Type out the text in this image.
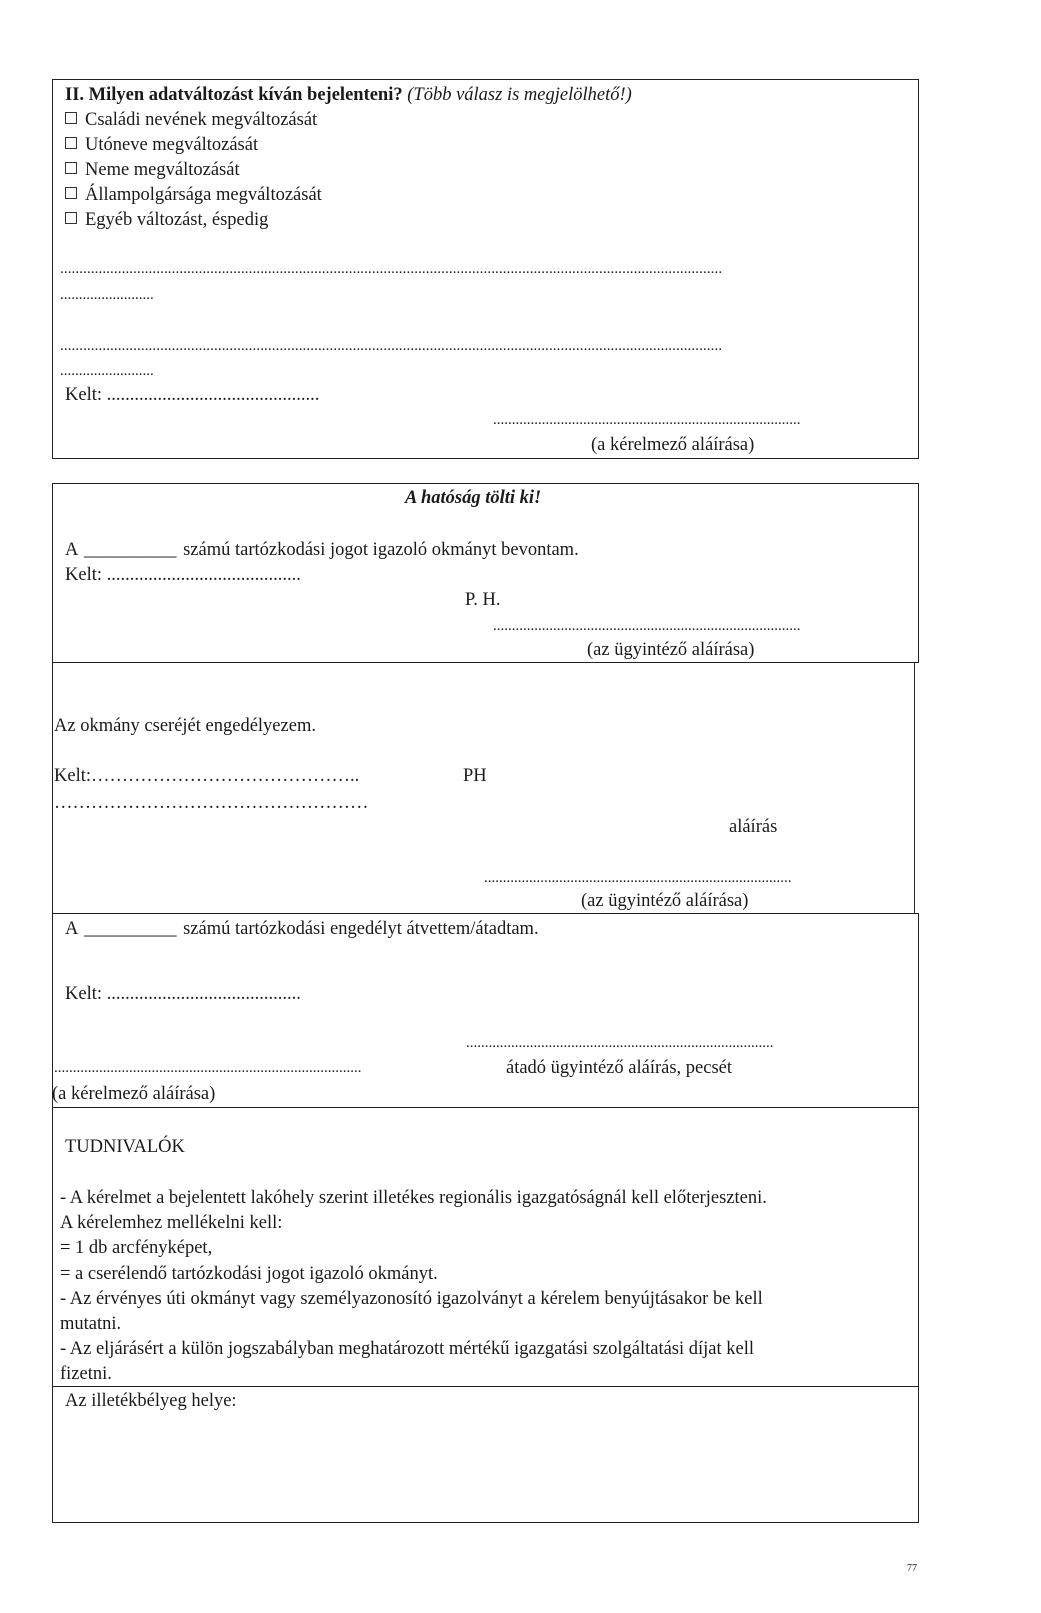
II. Milyen adatváltozást kíván bejelenteni? (Több válasz is megjelölhető!)
Családi nevének megváltozását
Utóneve megváltozását
Neme megváltozását
Állampolgársága megváltozását
Egyéb változást, éspedig
............................................................................................................................................................................
.........................
............................................................................................................................................................................
.........................
Kelt: ..............................................
..................................................................................
(a kérelmező aláírása)
A hatóság tölti ki!
A __________ számú tartózkodási jogot igazoló okmányt bevontam.
Kelt: ..........................................
P. H.
..................................................................................
(az ügyintéző aláírása)
Az okmány cseréjét engedélyezem.
Kelt:……………………………………..	PH
……………………………………………
aláírás
..................................................................................
(az ügyintéző aláírása)
A __________ számú tartózkodási engedélyt átvettem/átadtam.
Kelt: ..........................................
..................................................................................
..................................................................................	átadó ügyintéző aláírás, pecsét
(a kérelmező aláírása)
TUDNIVALÓK
- A kérelmet a bejelentett lakóhely szerint illetékes regionális igazgatóságnál kell előterjeszteni.
A kérelemhez mellékelni kell:
= 1 db arcfényképet,
= a cserélendő tartózkodási jogot igazoló okmányt.
- Az érvényes úti okmányt vagy személyazonosító igazolványt a kérelem benyújtásakor be kell
mutatni.
- Az eljárásért a külön jogszabályban meghatározott mértékű igazgatási szolgáltatási díjat kell
fizetni.
Az illetékbélyeg helye:
77
